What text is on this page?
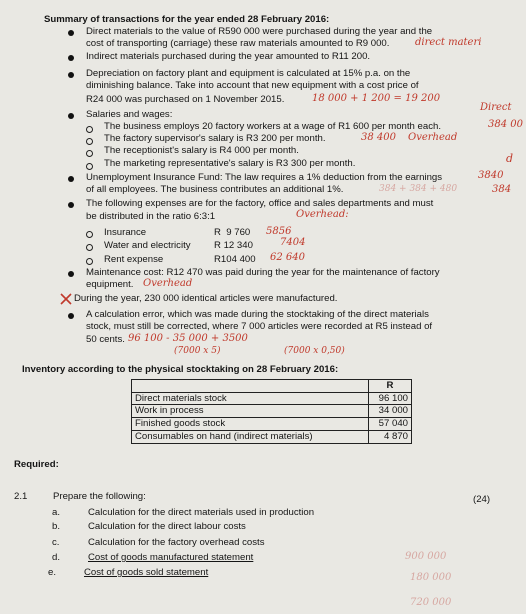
Summary of transactions for the year ended 28 February 2016:
Direct materials to the value of R590 000 were purchased during the year and the
cost of transporting (carriage) these raw materials amounted to R9 000.	direct materi
Indirect materials purchased during the year amounted to R11 200.
Depreciation on factory plant and equipment is calculated at 15% p.a. on the
diminishing balance. Take into account that new equipment with a cost price of
R24 000 was purchased on 1 November 2015.	18 000 + 1 200 = 19 200
Salaries and wages:
Direct
The business employs 20 factory workers at a wage of R1 600 per month each.	384 00
The factory supervisor's salary is R3 200 per month.	38 400 Overhead
The receptionist's salary is R4 000 per month.
The marketing representative's salary is R3 300 per month.	d
Unemployment Insurance Fund: The law requires a 1% deduction from the earnings
of all employees. The business contributes an additional 1%.
3840
384 + 384 + 480	384
The following expenses are for the factory, office and sales departments and must
be distributed in the ratio 6:3:1	Overhead:
Insurance	R  9 760 5856
Water and electricity R 12 340	7404
Rent expense	R104 400 62 640
Maintenance cost: R12 470 was paid during the year for the maintenance of factory
equipment. Overhead
During the year, 230 000 identical articles were manufactured.
A calculation error, which was made during the stocktaking of the direct materials
stock, must still be corrected, where 7 000 articles were recorded at R5 instead of
50 cents. 96 100 - 35 000 + 3500
(7000 x 5)	(7000 x 0,50)
Inventory according to the physical stocktaking on 28 February 2016:
	R
Direct materials stock	96 100
Work in process	34 000
Finished goods stock	57 040
Consumables on hand (indirect materials)	4 870
Required:
2.1	Prepare the following:	(24)
a.	Calculation for the direct materials used in production
b.	Calculation for the direct labour costs
c.	Calculation for the factory overhead costs
d.	Cost of goods manufactured statement
e.	Cost of goods sold statement
900 000
180 000
720 000
